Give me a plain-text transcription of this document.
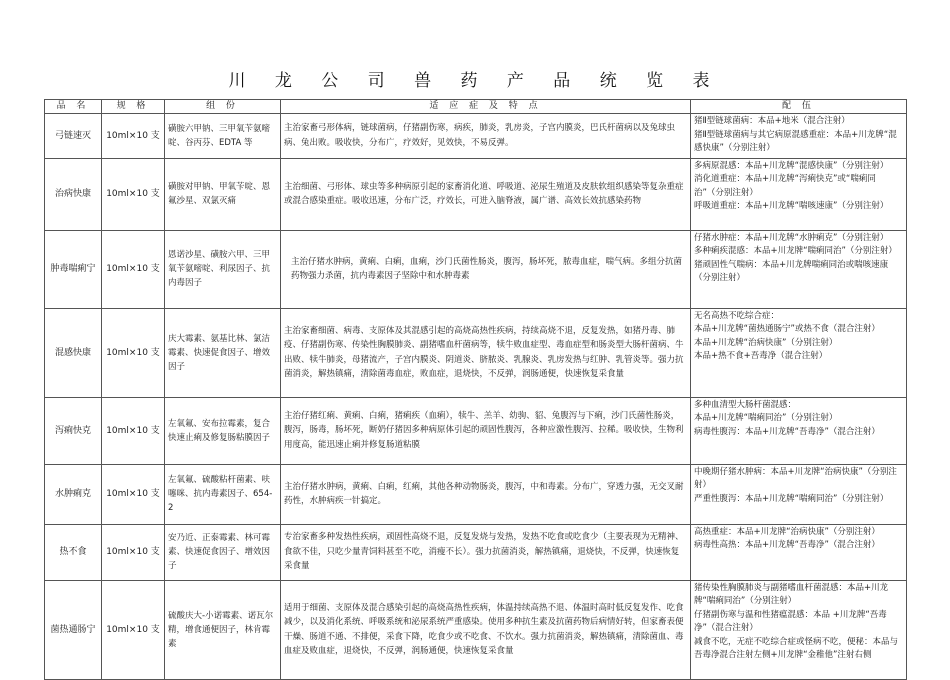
川 龙 公 司 兽 药 产 品 统 览 表
品 名	规 格	组 份	适 应 症 及 特 点	配 伍
弓链速灭	10ml×10 支	磺胺六甲钠、三甲氧苄氨嘧啶、谷丙芬、EDTA 等	主治家畜弓形体病，链球菌病，仔猪副伤寒，病疾，肺炎，乳房炎，子宫内膜炎，巴氏杆菌病以及兔球虫病、兔出败。吸收快，分布广，疗效好，见效快，不易反弹。	猪Ⅱ型链球菌病：本品+地米（混合注射）
猪Ⅱ型链球菌病与其它病原混感重症：本品+川龙牌“混感快康”（分别注射）

治病快康	10ml×10 支	磺胺对甲钠、甲氧苄啶、恩氟沙星、双氯灭痛	主治细菌、弓形体、球虫等多种病原引起的家畜消化道、呼吸道、泌尿生殖道及皮肤软组织感染等复杂重症或混合感染重症。吸收迅速，分布广泛，疗效长，可进入脑脊液，属广谱、高效长效抗感染药物	多病原混感：本品+川龙牌“混感快康”（分别注射）
消化道重症：本品+川龙牌“泻痢快克”或“喘痢同治”（分别注射）
呼吸道重症：本品+川龙牌“喘咳速康”（分别注射）

肿毒喘痢宁	10ml×10 支	恩诺沙星、磺胺六甲、三甲氧苄氨嘧啶、利尿因子、抗内毒因子	主治仔猪水肿病，黄痢、白痢，血痢，沙门氏菌性肠炎，腹泻，肠坏死，脓毒血症，喘气病。多组分抗菌药物强力杀菌，抗内毒素因子坚除中和水肿毒素	仔猪水肿症：本品+川龙牌“水肿痢克”（分别注射）
多种痢疾混感：本品+川龙牌“喘痢同治”（分别注射）
猪顽固性气喘病：本品+川龙牌喘痢同治或喘咳速康（分别注射）

混感快康	10ml×10 支	庆大霉素、氨基比林、氯洁霉素、快速促食因子、增效因子	主治家畜细菌、病毒、支原体及其混感引起的高烧高热性疾病，持续高烧不退，反复发热，如猪丹毒、肺疫、仔猪副伤寒、传染性胸膜肺炎、副猪嗜血杆菌病等，犊牛败血症型、毒血症型和肠炎型大肠杆菌病、牛出败、犊牛肺炎，母猪流产，子宫内膜炎、阴道炎、脐脓炎、乳腺炎、乳房发热与红肿、乳管炎等。强力抗菌消炎，解热镇痛，清除菌毒血症，败血症，退烧快，不反弹，润肠通便，快速恢复采食量	无名高热不吃综合症：
本品+川龙牌“菌热通肠宁”或热不食（混合注射）
本品+川龙牌“治病快康”（分别注射）
本品+热不食+吾毒净（混合注射）

泻痢快克	10ml×10 支	左氧氟、安布拉霉素，复合快速止痢及修复肠粘膜因子	主治仔猪红痢、黄痢、白痢，猪痢疾（血痢），犊牛、羔羊、幼驹、貂、兔腹泻与下痢，沙门氏菌性肠炎，腹泻，肠毒，肠坏死，断奶仔猪因多种病原体引起的顽固性腹泻，各种应激性腹泻、拉稀。吸收快，生物利用度高，能迅速止痢并修复肠道粘膜	多种血清型大肠杆菌混感：
本品+川龙牌“喘痢同治”（分别注射）
病毒性腹泻：本品+川龙牌“吾毒净”（混合注射）

水肿痢克	10ml×10 支	左氧氟、硫酸粘杆菌素、呋噻咪、抗内毒素因子、654-2	主治仔猪水肿病，黄痢、白痢，红痢，其他各种动物肠炎，腹泻，中和毒素。分布广，穿透力强，无交叉耐药性，水肿病疾一针搞定。	中晚期仔猪水肿病：本品+川龙牌“治病快康”（分别注射）
严重性腹泻：本品+川龙牌“喘痢同治”（分别注射）

热不食	10ml×10 支	安乃近、正泰霉素、林可霉素、快速促食因子、增效因子	专治家畜多种发热性疾病，顽固性高烧不退，反复发烧与发热，发热不吃食或吃食少（主要表现为无精神、食欲不佳，只吃少量青饲料甚至不吃，消瘦不长）。强力抗菌消炎，解热镇痛，退烧快，不反弹，快速恢复采食量	高热重症：本品+川龙牌“治病快康”（分别注射）
病毒性高热：本品+川龙牌“吾毒净”（混合注射）

菌热通肠宁	10ml×10 支	硫酸庆大-小诺霉素、诺瓦尔精，增食通便因子，林肯霉素	适用于细菌、支原体及混合感染引起的高烧高热性疾病，体温持续高热不退、体温时高时低反复发作、吃食减少，以及消化系统、呼吸系统和泌尿系统严重感染。使用多种抗生素及抗菌药物后病情好转，但家畜表便干燥、肠道不通、不排便，采食下降，吃食少或不吃食、不饮水。强力抗菌消炎，解热镇痛，清除菌血、毒血症及败血症，退烧快，不反弹，润肠通便，快速恢复采食量	猪传染性胸膜肺炎与副猪嗜血杆菌混感：本品+川龙牌“喘痢同治”（分别注射）
仔猪副伤寒与温和性猪瘟混感：本品 +川龙牌“吾毒净”（混合注射）
减食不吃，无症不吃综合症或怪病不吃，便秘：本品与吾毒净混合注射左侧+川龙牌“金稚他”注射右侧
